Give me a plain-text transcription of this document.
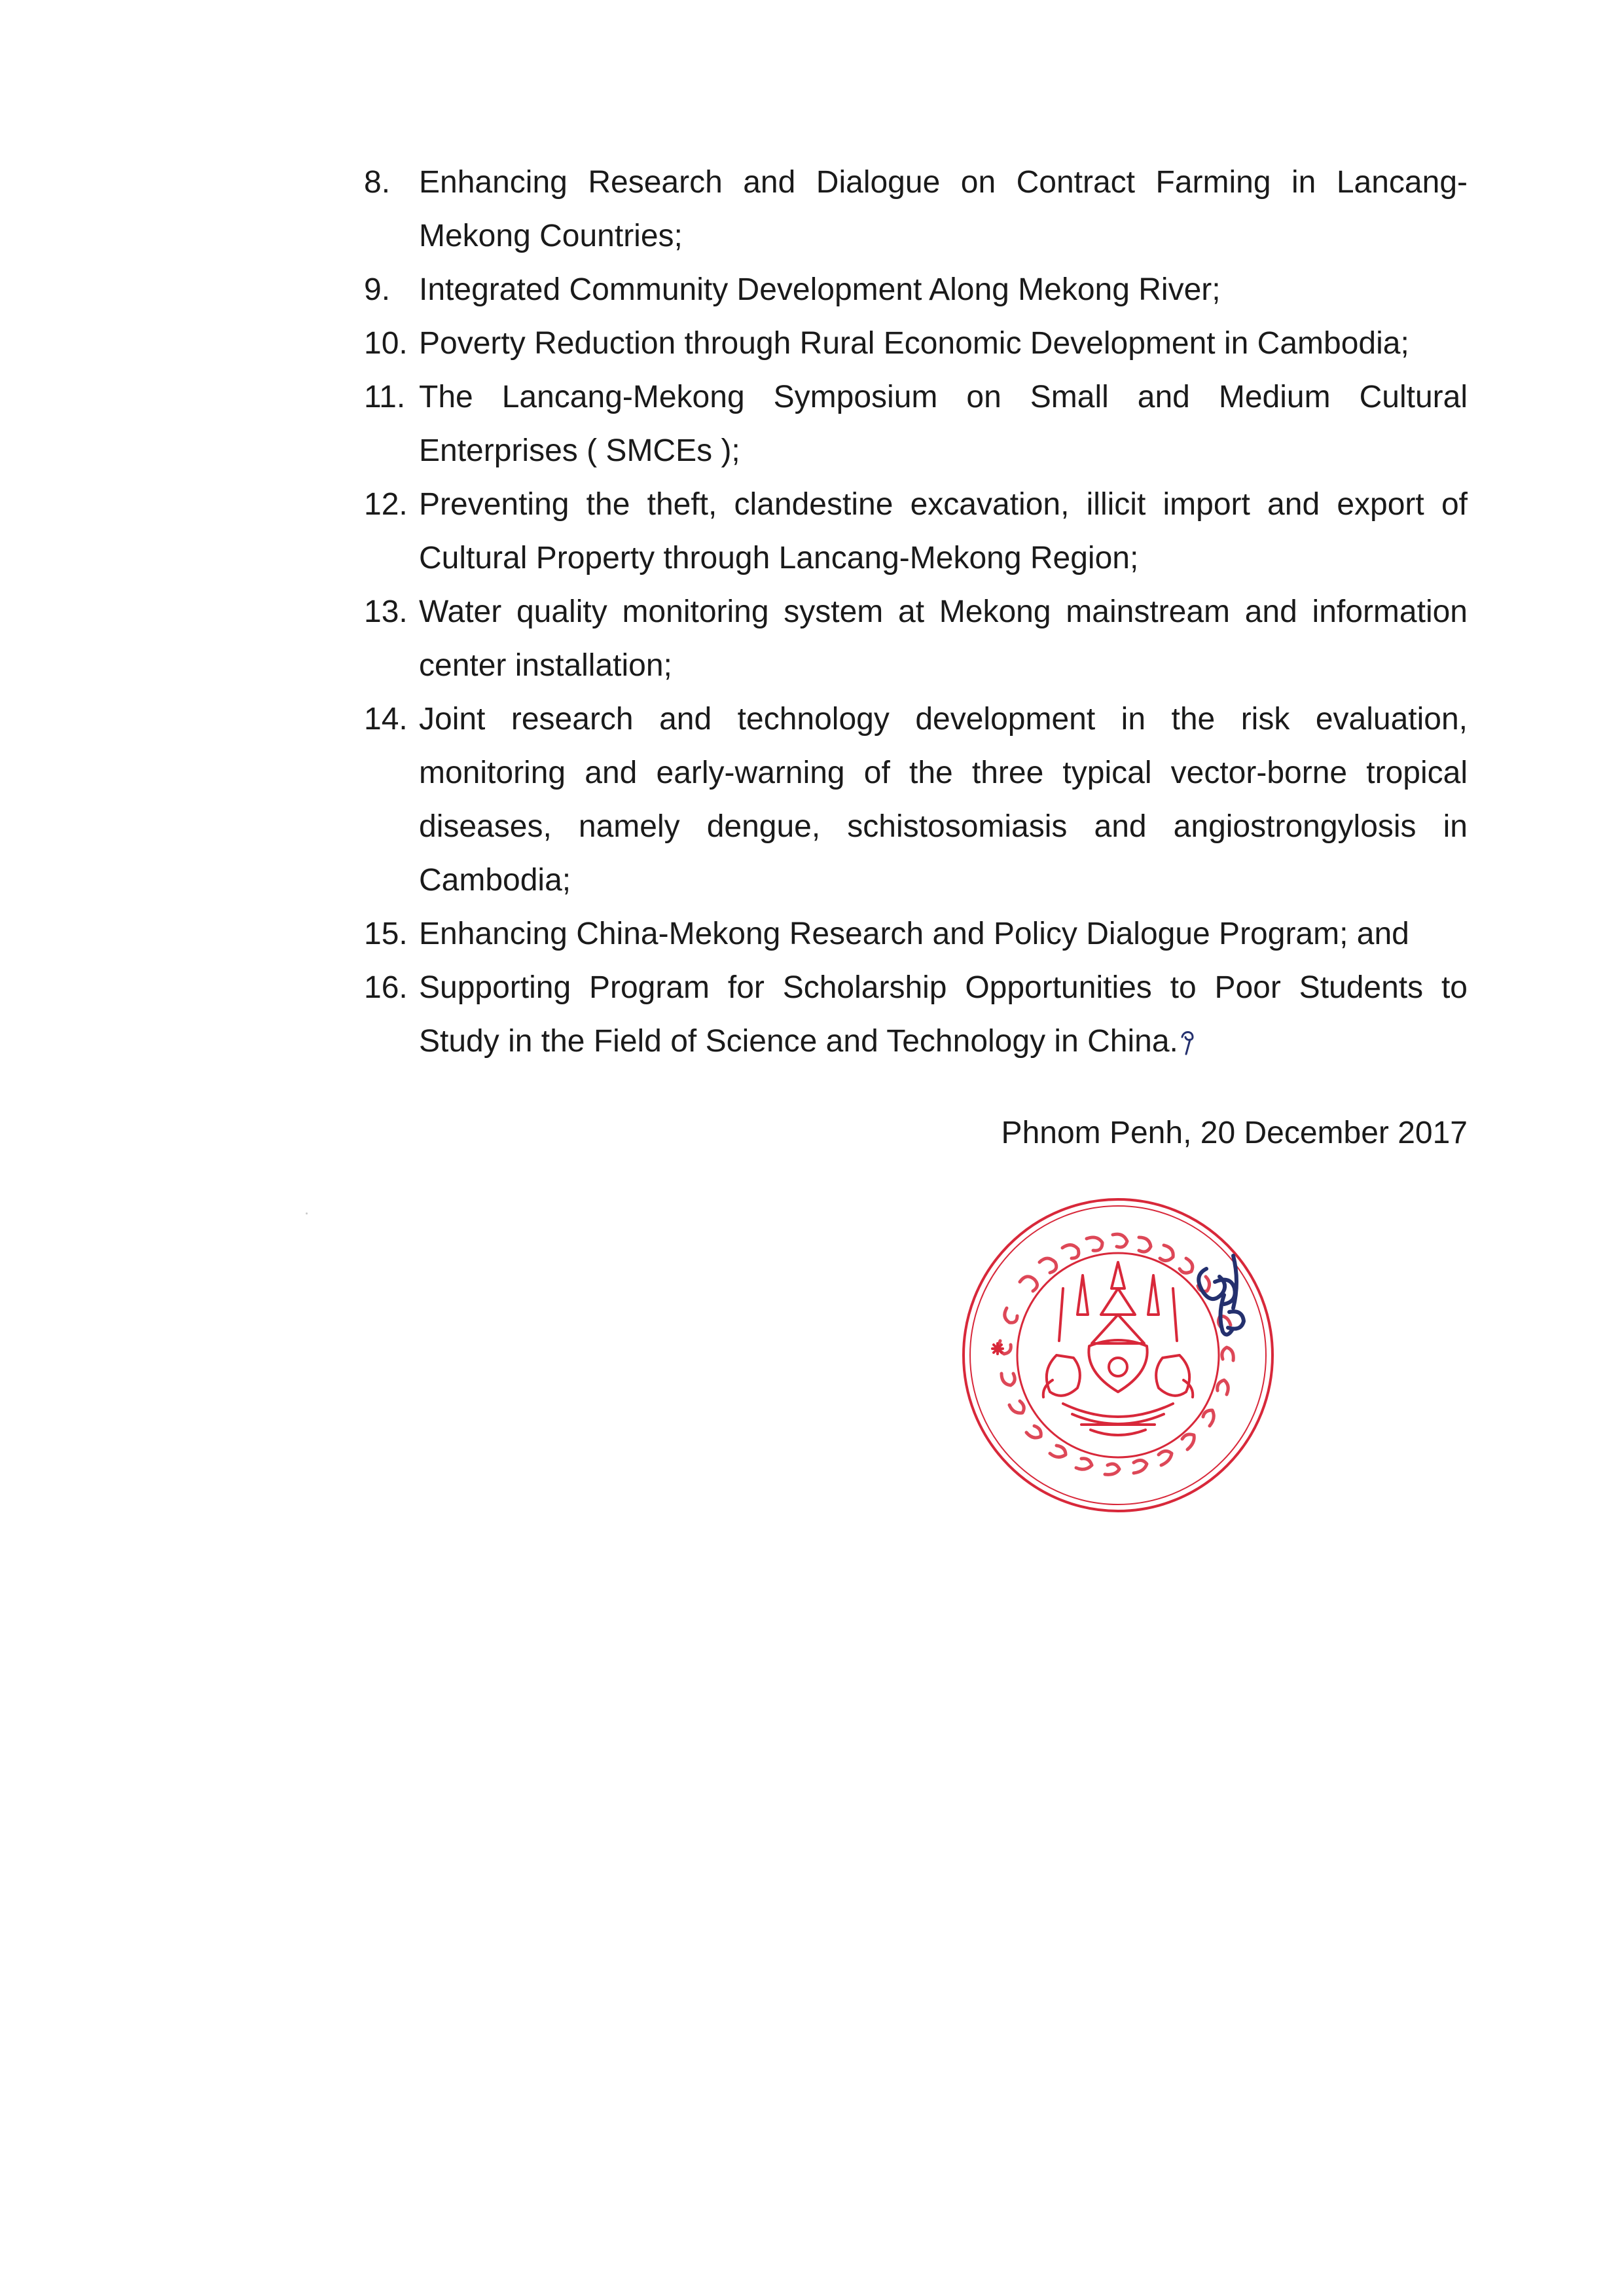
8. Enhancing Research and Dialogue on Contract Farming in Lancang-Mekong Countries;
9. Integrated Community Development Along Mekong River;
10. Poverty Reduction through Rural Economic Development in Cambodia;
11. The Lancang-Mekong Symposium on Small and Medium Cultural Enterprises ( SMCEs );
12. Preventing the theft, clandestine excavation, illicit import and export of Cultural Property through Lancang-Mekong Region;
13. Water quality monitoring system at Mekong mainstream and information center installation;
14. Joint research and technology development in the risk evaluation, monitoring and early-warning of the three typical vector-borne tropical diseases, namely dengue, schistosomiasis and angiostrongylosis in Cambodia;
15. Enhancing China-Mekong Research and Policy Dialogue Program; and
16. Supporting Program for Scholarship Opportunities to Poor Students to Study in the Field of Science and Technology in China.
Phnom Penh, 20 December 2017
